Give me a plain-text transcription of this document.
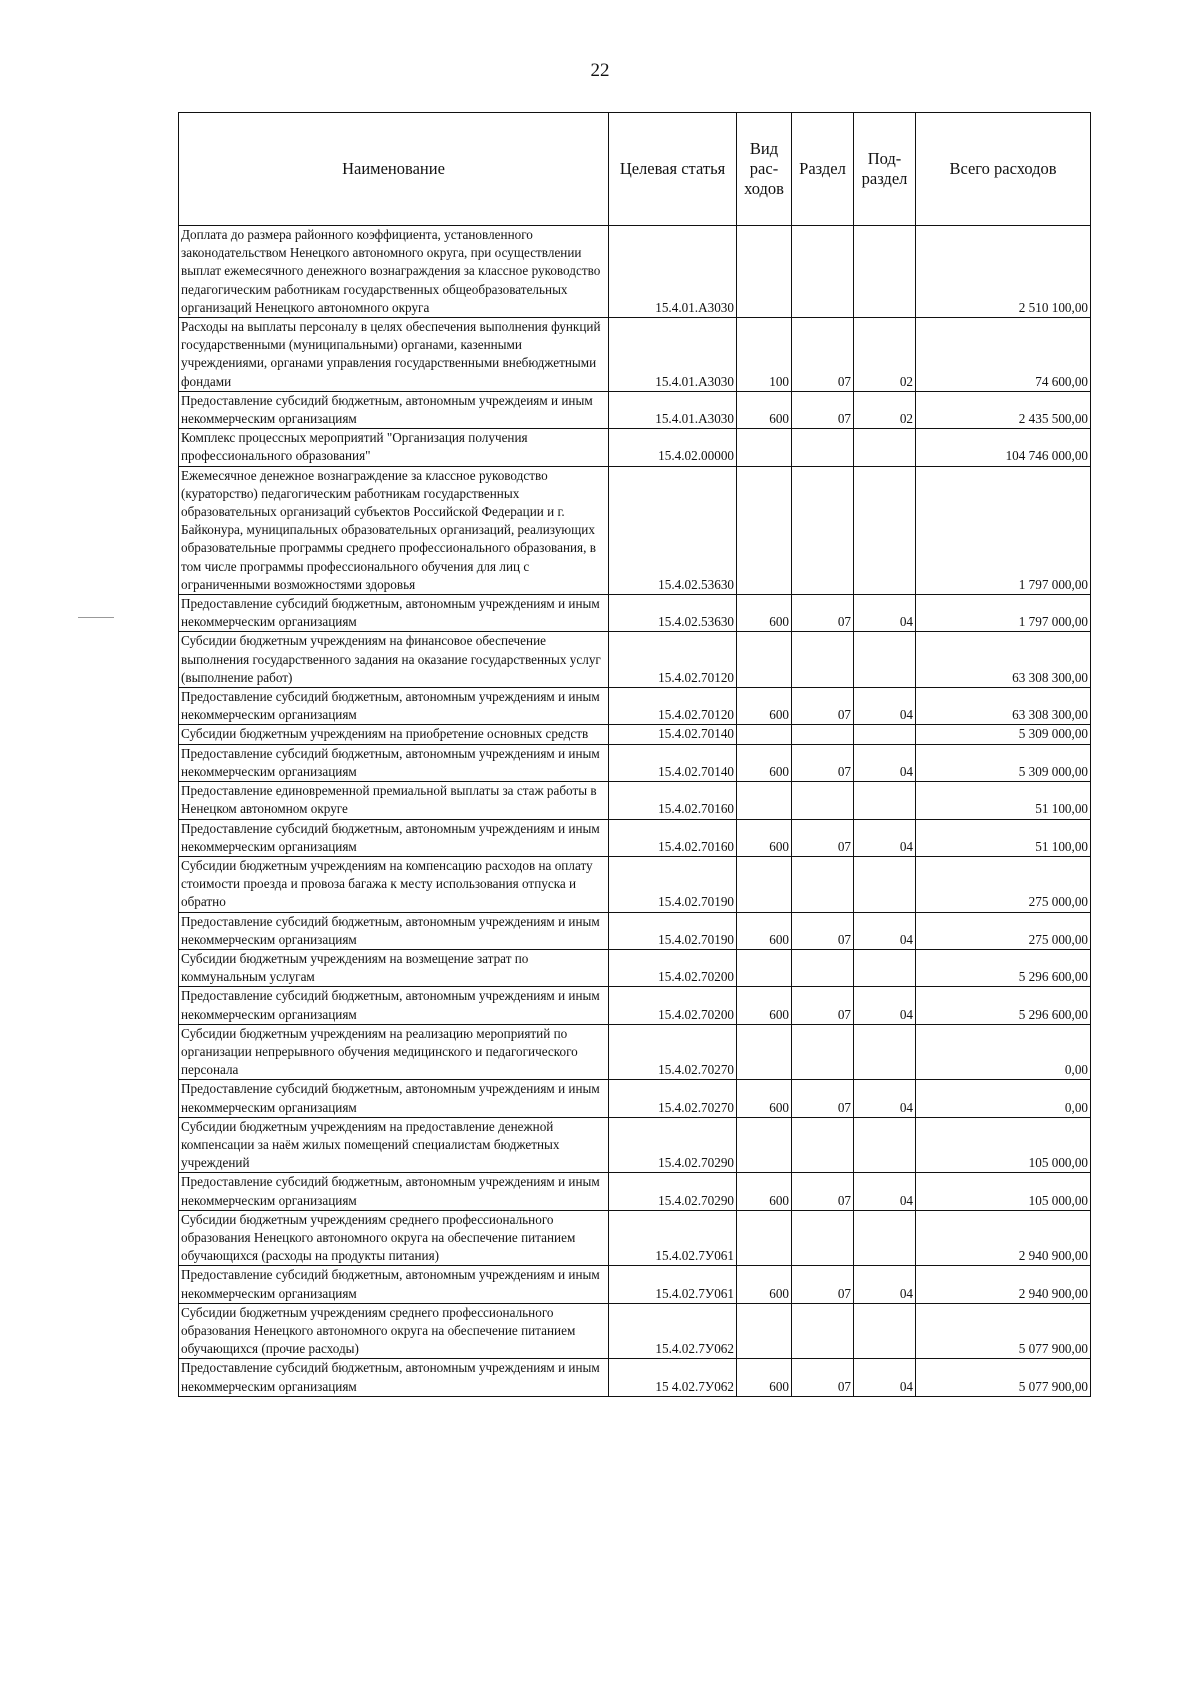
22
Наименование	Целевая статья	Вид рас- ходов	Раздел	Под- раздел	Всего расходов
Доплата до размера районного коэффициента, установленного законодательством Ненецкого автономного округа, при осуществлении выплат ежемесячного денежного вознаграждения за классное руководство педагогическим работникам государственных общеобразовательных организаций Ненецкого автономного округа	15.4.01.А3030				2 510 100,00
Расходы на выплаты персоналу в целях обеспечения выполнения функций государственными (муниципальными) органами, казенными учреждениями, органами управления государственными внебюджетными фондами	15.4.01.А3030	100	07	02	74 600,00
Предоставление субсидий бюджетным, автономным учреждеиям и иным некоммерческим организациям	15.4.01.А3030	600	07	02	2 435 500,00
Комплекс процессных мероприятий "Организация получения профессионального образования"	15.4.02.00000				104 746 000,00
Ежемесячное денежное вознаграждение за классное руководство (кураторство) педагогическим работникам государственных образовательных организаций субъектов Российской Федерации и г. Байконура, муниципальных образовательных организаций, реализующих образовательные программы среднего профессионального образования, в том числе программы профессионального обучения для лиц с ограниченными возможностями здоровья	15.4.02.53630				1 797 000,00
Предоставление субсидий бюджетным, автономным учреждениям и иным некоммерческим организациям	15.4.02.53630	600	07	04	1 797 000,00
Субсидии бюджетным учреждениям на финансовое обеспечение выполнения государственного задания на оказание государственных услуг (выполнение работ)	15.4.02.70120				63 308 300,00
Предоставление субсидий бюджетным, автономным учреждениям и иным некоммерческим организациям	15.4.02.70120	600	07	04	63 308 300,00
Субсидии бюджетным учреждениям на приобретение основных средств	15.4.02.70140				5 309 000,00
Предоставление субсидий бюджетным, автономным учреждениям и иным некоммерческим организациям	15.4.02.70140	600	07	04	5 309 000,00
Предоставление единовременной премиальной выплаты за стаж работы в Ненецком автономном округе	15.4.02.70160				51 100,00
Предоставление субсидий бюджетным, автономным учреждениям и иным некоммерческим организациям	15.4.02.70160	600	07	04	51 100,00
Субсидии бюджетным учреждениям на компенсацию расходов на оплату стоимости проезда и провоза багажа к месту использования отпуска и обратно	15.4.02.70190				275 000,00
Предоставление субсидий бюджетным, автономным учреждениям и иным некоммерческим организациям	15.4.02.70190	600	07	04	275 000,00
Субсидии бюджетным учреждениям на возмещение затрат по коммунальным услугам	15.4.02.70200				5 296 600,00
Предоставление субсидий бюджетным, автономным учреждениям и иным некоммерческим организациям	15.4.02.70200	600	07	04	5 296 600,00
Субсидии бюджетным учреждениям на реализацию мероприятий по организации непрерывного обучения медицинского и педагогического персонала	15.4.02.70270				0,00
Предоставление субсидий бюджетным, автономным учреждениям и иным некоммерческим организациям	15.4.02.70270	600	07	04	0,00
Субсидии бюджетным учреждениям на предоставление денежной компенсации за наём жилых помещений специалистам бюджетных учреждений	15.4.02.70290				105 000,00
Предоставление субсидий бюджетным, автономным учреждениям и иным некоммерческим организациям	15.4.02.70290	600	07	04	105 000,00
Субсидии бюджетным учреждениям среднего профессионального образования Ненецкого автономного округа на обеспечение питанием обучающихся (расходы на продукты питания)	15.4.02.7У061				2 940 900,00
Предоставление субсидий бюджетным, автономным учреждениям и иным некоммерческим организациям	15.4.02.7У061	600	07	04	2 940 900,00
Субсидии бюджетным учреждениям среднего профессионального образования Ненецкого автономного округа на обеспечение питанием обучающихся (прочие расходы)	15.4.02.7У062				5 077 900,00
Предоставление субсидий бюджетным, автономным учреждениям и иным некоммерческим организациям	15 4.02.7У062	600	07	04	5 077 900,00
